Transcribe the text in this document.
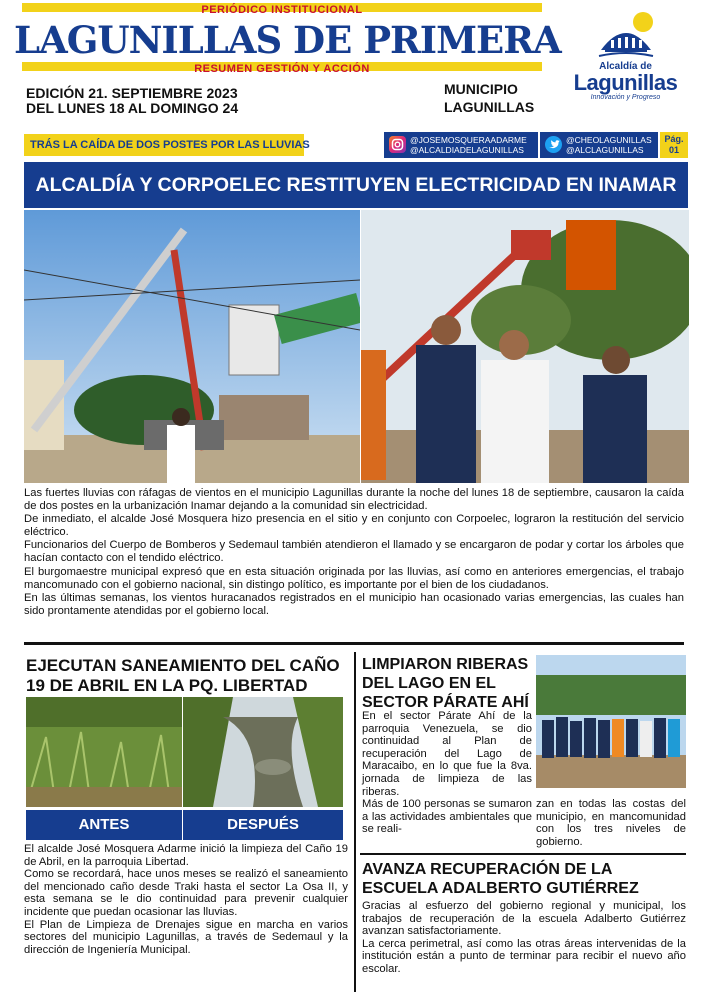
PERIÓDICO INSTITUCIONAL
LAGUNILLAS DE PRIMERA
RESUMEN GESTIÓN Y ACCIÓN
EDICIÓN 21. SEPTIEMBRE 2023
DEL LUNES 18 AL DOMINGO 24
MUNICIPIO
LAGUNILLAS
Alcaldía de
Lagunillas
Innovación y Progreso
TRÁS LA CAÍDA DE DOS POSTES POR LAS LLUVIAS	@JOSEMOSQUERAADARME
@ALCALDIADELAGUNILLAS
@CHEOLAGUNILLAS
@ALCLAGUNILLAS
Pág.
01
ALCALDÍA Y CORPOELEC RESTITUYEN ELECTRICIDAD EN INAMAR

Las fuertes lluvias con ráfagas de vientos en el municipio Lagunillas durante la noche del lunes 18 de septiembre, causaron la caída de dos postes en la urbanización Inamar dejando a la comunidad sin electricidad.

De inmediato, el alcalde José Mosquera hizo presencia en el sitio y en conjunto con Corpoelec, lograron la restitución del servicio eléctrico.

Funcionarios del Cuerpo de Bomberos y Sedemaul también atendieron el llamado y se encargaron de podar y cortar los árboles que hacían contacto con el tendido eléctrico.

El burgomaestre municipal expresó que en esta situación originada por las lluvias, así como en anteriores emergencias, el trabajo mancomunado con el gobierno nacional, sin distingo político, es importante por el bien de los ciudadanos.

En las últimas semanas, los vientos huracanados registrados en el municipio han ocasionado varias emergencias, las cuales han sido prontamente atendidas por el gobierno local.

EJECUTAN SANEAMIENTO DEL CAÑO 19 DE ABRIL EN LA PQ. LIBERTAD
ANTES	DESPUÉS

El alcalde José Mosquera Adarme inició la limpieza del Caño 19 de Abril, en la parroquia Libertad.

Como se recordará, hace unos meses se realizó el saneamiento del mencionado caño desde Traki hasta el sector La Osa II, y esta semana se le dio continuidad para prevenir cualquier incidente que puedan ocasionar las lluvias.

El Plan de Limpieza de Drenajes sigue en marcha en varios sectores del municipio Lagunillas, a través de Sedemaul y la dirección de Ingeniería Municipal.

LIMPIARON RIBERAS DEL LAGO EN EL SECTOR PÁRATE AHÍ

En el sector Párate Ahí de la parroquia Venezuela, se dio continuidad al Plan de recuperación del Lago de Maracaibo, en lo que fue la 8va. jornada de limpieza de las riberas.

Más de 100 personas se sumaron a las actividades ambientales que se reali-

zan en todas las costas del municipio, en mancomunidad con los tres niveles de gobierno.

AVANZA RECUPERACIÓN DE LA ESCUELA ADALBERTO GUTIÉRREZ

Gracias al esfuerzo del gobierno regional y municipal, los trabajos de recuperación de la escuela Adalberto Gutiérrez avanzan satisfactoriamente.

La cerca perimetral, así como las otras áreas intervenidas de la institución están a punto de terminar para recibir el nuevo año escolar.
